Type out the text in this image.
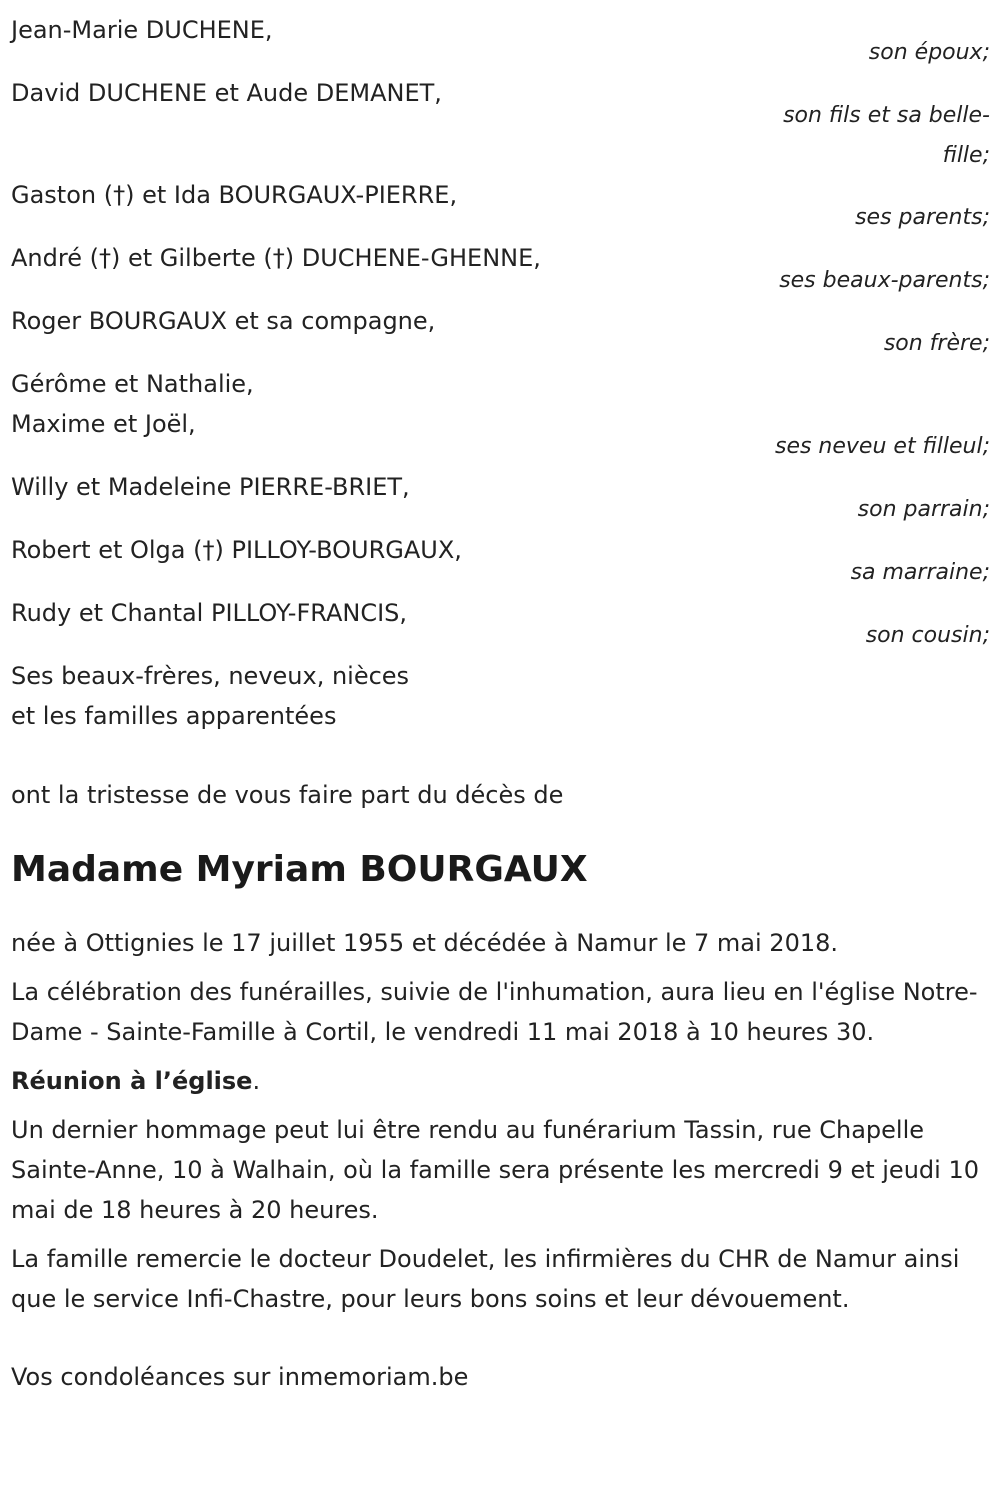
Jean-Marie DUCHENE,
son époux;
David DUCHENE et Aude DEMANET,
son fils et sa belle-fille;
Gaston (†) et Ida BOURGAUX-PIERRE,
ses parents;
André (†) et Gilberte (†) DUCHENE-GHENNE,
ses beaux-parents;
Roger BOURGAUX et sa compagne,
son frère;
Gérôme et Nathalie,
Maxime et Joël,
ses neveu et filleul;
Willy et Madeleine PIERRE-BRIET,
son parrain;
Robert et Olga (†) PILLOY-BOURGAUX,
sa marraine;
Rudy et Chantal PILLOY-FRANCIS,
son cousin;
Ses beaux-frères, neveux, nièces
et les familles apparentées

ont la tristesse de vous faire part du décès de

Madame Myriam BOURGAUX

née à Ottignies le 17 juillet 1955 et décédée à Namur le 7 mai 2018.

La célébration des funérailles, suivie de l'inhumation, aura lieu en l'église Notre-Dame - Sainte-Famille à Cortil, le vendredi 11 mai 2018 à 10 heures 30.

Réunion à l’église.

Un dernier hommage peut lui être rendu au funérarium Tassin, rue Chapelle Sainte-Anne, 10 à Walhain, où la famille sera présente les mercredi 9 et jeudi 10 mai de 18 heures à 20 heures.

La famille remercie le docteur Doudelet, les infirmières du CHR de Namur ainsi que le service Infi-Chastre, pour leurs bons soins et leur dévouement.

Vos condoléances sur inmemoriam.be
